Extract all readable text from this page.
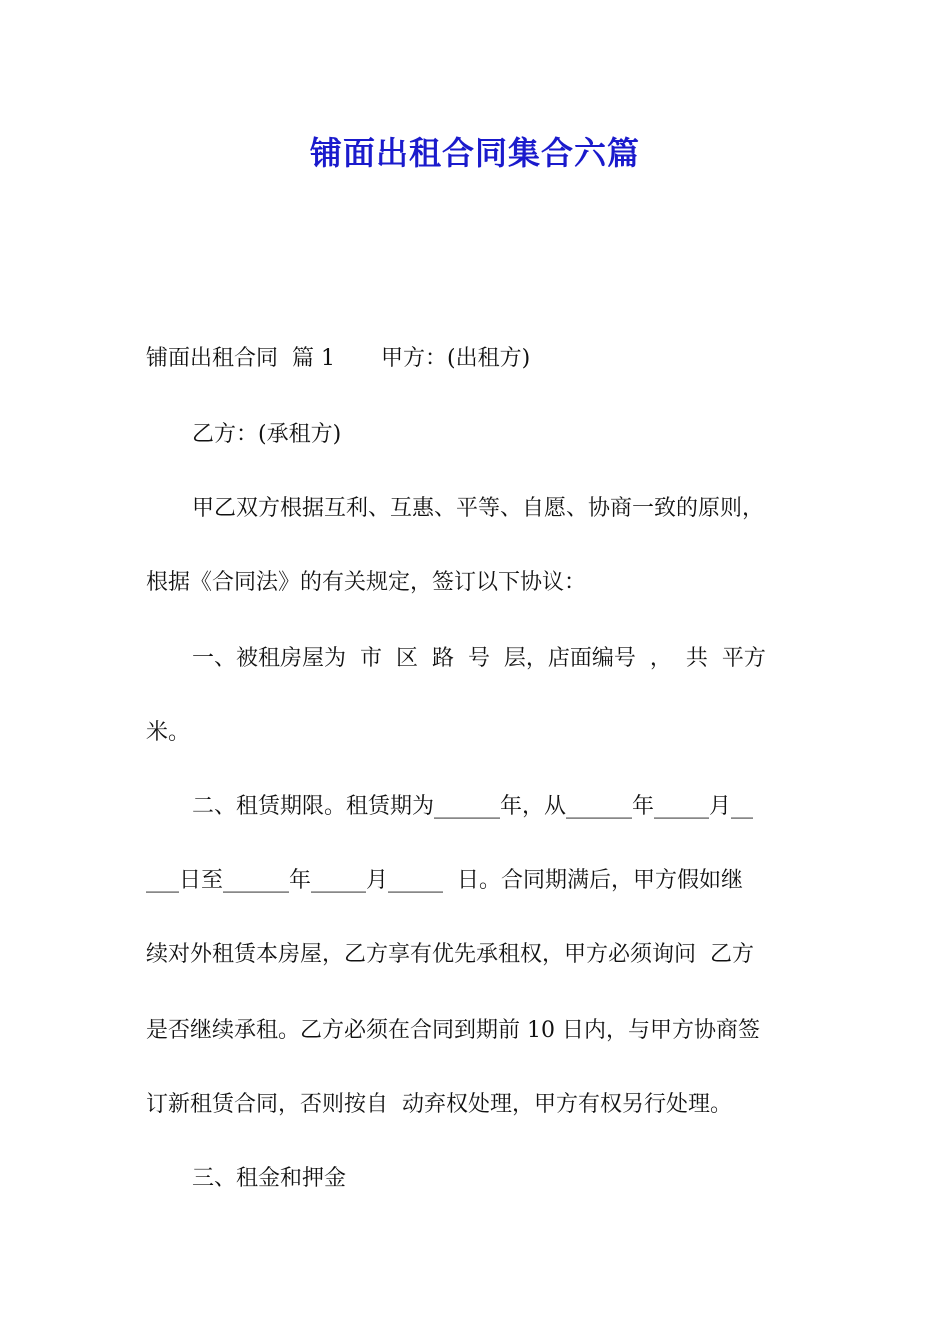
铺面出租合同集合六篇

铺面出租合同  篇 1 甲方：(出租方)

乙方：(承租方)

甲乙双方根据互利、互惠、平等、自愿、协商一致的原则，

根据《合同法》的有关规定，签订以下协议：

一、被租房屋为  市  区  路  号  层，店面编号  ，  共  平方

米。

二、租赁期限。租赁期为______年，从______年_____月__

___日至______年_____月_____  日。合同期满后，甲方假如继

续对外租赁本房屋，乙方享有优先承租权，甲方必须询问  乙方

是否继续承租。乙方必须在合同到期前 10 日内，与甲方协商签

订新租赁合同，否则按自  动弃权处理，甲方有权另行处理。

三、租金和押金
